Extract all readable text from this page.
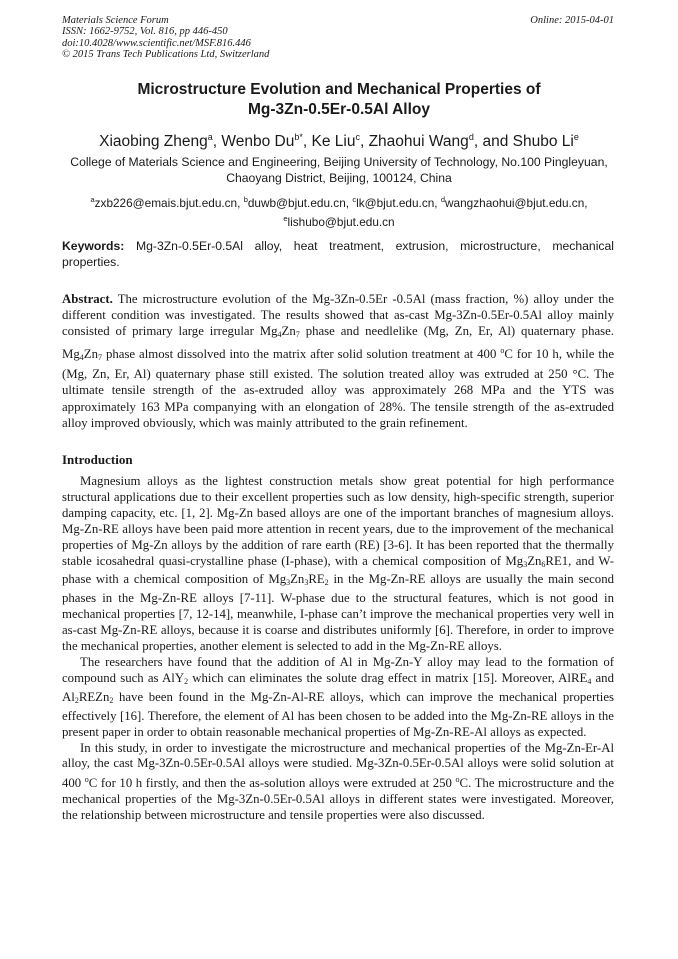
Materials Science Forum
ISSN: 1662-9752, Vol. 816, pp 446-450
doi:10.4028/www.scientific.net/MSF.816.446
© 2015 Trans Tech Publications Ltd, Switzerland
Online: 2015-04-01
Microstructure Evolution and Mechanical Properties of
Mg-3Zn-0.5Er-0.5Al Alloy
Xiaobing Zheng$^a$, Wenbo $Du^{b*}$, Ke Liu$^c$, Zhaohui Wang$^d$, and Shubo Li$^e$
College of Materials Science and Engineering, Beijing University of Technology, No.100 Pingleyuan,
Chaoyang District, Beijing, 100124, China
$^a$zxb226@emais.bjut.edu.cn, $^b$duwb@bjut.edu.cn, $^c$lk@bjut.edu.cn, $^d$wangzhaohui@bjut.edu.cn,
$^e$lishubo@bjut.edu.cn
Keywords: Mg-3Zn-0.5Er-0.5Al alloy, heat treatment, extrusion, microstructure, mechanical properties.
Abstract. The microstructure evolution of the Mg-3Zn-0.5Er -0.5Al (mass fraction, %) alloy under the different condition was investigated. The results showed that as-cast Mg-3Zn-0.5Er-0.5Al alloy mainly consisted of primary large irregular $Mg_4Zn_7$ phase and needlelike (Mg, Zn, Er, Al) quaternary phase. $Mg_4Zn_7$ phase almost dissolved into the matrix after solid solution treatment at 400 $^o$C for 10 h, while the (Mg, Zn, Er, Al) quaternary phase still existed. The solution treated alloy was extruded at 250 °C. The ultimate tensile strength of the as-extruded alloy was approximately 268 MPa and the YTS was approximately 163 MPa companying with an elongation of 28%. The tensile strength of the as-extruded alloy improved obviously, which was mainly attributed to the grain refinement.
Introduction

Magnesium alloys as the lightest construction metals show great potential for high performance structural applications due to their excellent properties such as low density, high-specific strength, superior damping capacity, etc. [1, 2]. Mg-Zn based alloys are one of the important branches of magnesium alloys. Mg-Zn-RE alloys have been paid more attention in recent years, due to the improvement of the mechanical properties of Mg-Zn alloys by the addition of rare earth (RE) [3-6]. It has been reported that the thermally stable icosahedral quasi-crystalline phase (I-phase), with a chemical composition of $Mg_3Zn_6RE1$, and W-phase with a chemical composition of $Mg_3Zn_3RE_2$ in the Mg-Zn-RE alloys are usually the main second phases in the Mg-Zn-RE alloys [7-11]. W-phase due to the structural features, which is not good in mechanical properties [7, 12-14], meanwhile, I-phase can’t improve the mechanical properties very well in as-cast Mg-Zn-RE alloys, because it is coarse and distributes uniformly [6]. Therefore, in order to improve the mechanical properties, another element is selected to add in the Mg-Zn-RE alloys.

The researchers have found that the addition of Al in Mg-Zn-Y alloy may lead to the formation of compound such as AlY$_2$ which can eliminates the solute drag effect in matrix [15]. Moreover, AlRE$_4$ and $Al_2REZn_2$ have been found in the Mg-Zn-Al-RE alloys, which can improve the mechanical properties effectively [16]. Therefore, the element of Al has been chosen to be added into the Mg-Zn-RE alloys in the present paper in order to obtain reasonable mechanical properties of Mg-Zn-RE-Al alloys as expected.

In this study, in order to investigate the microstructure and mechanical properties of the Mg-Zn-Er-Al alloy, the cast Mg-3Zn-0.5Er-0.5Al alloys were studied. Mg-3Zn-0.5Er-0.5Al alloys were solid solution at 400 $^o$C for 10 h firstly, and then the as-solution alloys were extruded at 250 $^o$C. The microstructure and the mechanical properties of the Mg-3Zn-0.5Er-0.5Al alloys in different states were investigated. Moreover, the relationship between microstructure and tensile properties were also discussed.
